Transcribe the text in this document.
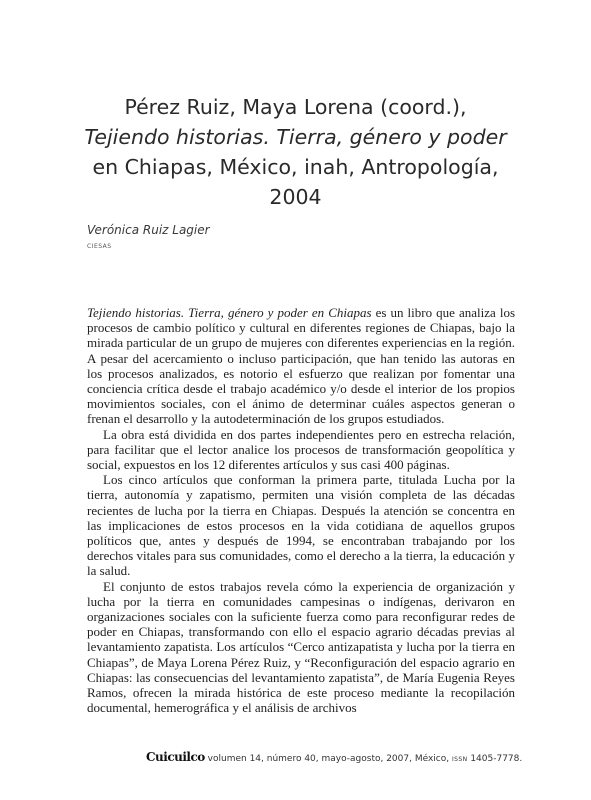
Pérez Ruiz, Maya Lorena (coord.),
Tejiendo historias. Tierra, género y poder
en Chiapas, México, inah, Antropología,
2004
Verónica Ruiz Lagier
CIESAS

Tejiendo historias. Tierra, género y poder en Chiapas es un libro que analiza los procesos de cambio político y cultural en diferentes regiones de Chiapas, bajo la mirada particular de un grupo de mujeres con diferentes experiencias en la región. A pesar del acercamiento o incluso participación, que han tenido las autoras en los procesos analizados, es notorio el esfuerzo que realizan por fomentar una conciencia crítica desde el trabajo académico y/o desde el interior de los propios movimientos sociales, con el ánimo de determinar cuáles aspectos generan o frenan el desarrollo y la autodeterminación de los grupos estudiados.

La obra está dividida en dos partes independientes pero en estrecha relación, para facilitar que el lector analice los procesos de transformación geopolítica y social, expuestos en los 12 diferentes artículos y sus casi 400 páginas.

Los cinco artículos que conforman la primera parte, titulada Lucha por la tierra, autonomía y zapatismo, permiten una visión completa de las décadas recientes de lucha por la tierra en Chiapas. Después la atención se concentra en las implicaciones de estos procesos en la vida cotidiana de aquellos grupos políticos que, antes y después de 1994, se encontraban trabajando por los derechos vitales para sus comunidades, como el derecho a la tierra, la educación y la salud.

El conjunto de estos trabajos revela cómo la experiencia de organización y lucha por la tierra en comunidades campesinas o indígenas, derivaron en organizaciones sociales con la suficiente fuerza como para reconfigurar redes de poder en Chiapas, transformando con ello el espacio agrario décadas previas al levantamiento zapatista. Los artículos “Cerco antizapatista y lucha por la tierra en Chiapas”, de Maya Lorena Pérez Ruiz, y “Reconfiguración del espacio agrario en Chiapas: las consecuencias del levantamiento zapatista”, de María Eugenia Reyes Ramos, ofrecen la mirada histórica de este proceso mediante la recopilación documental, hemerográfica y el análisis de archivos

Cuicuilco volumen 14, número 40, mayo-agosto, 2007, México, ISSN 1405-7778.
